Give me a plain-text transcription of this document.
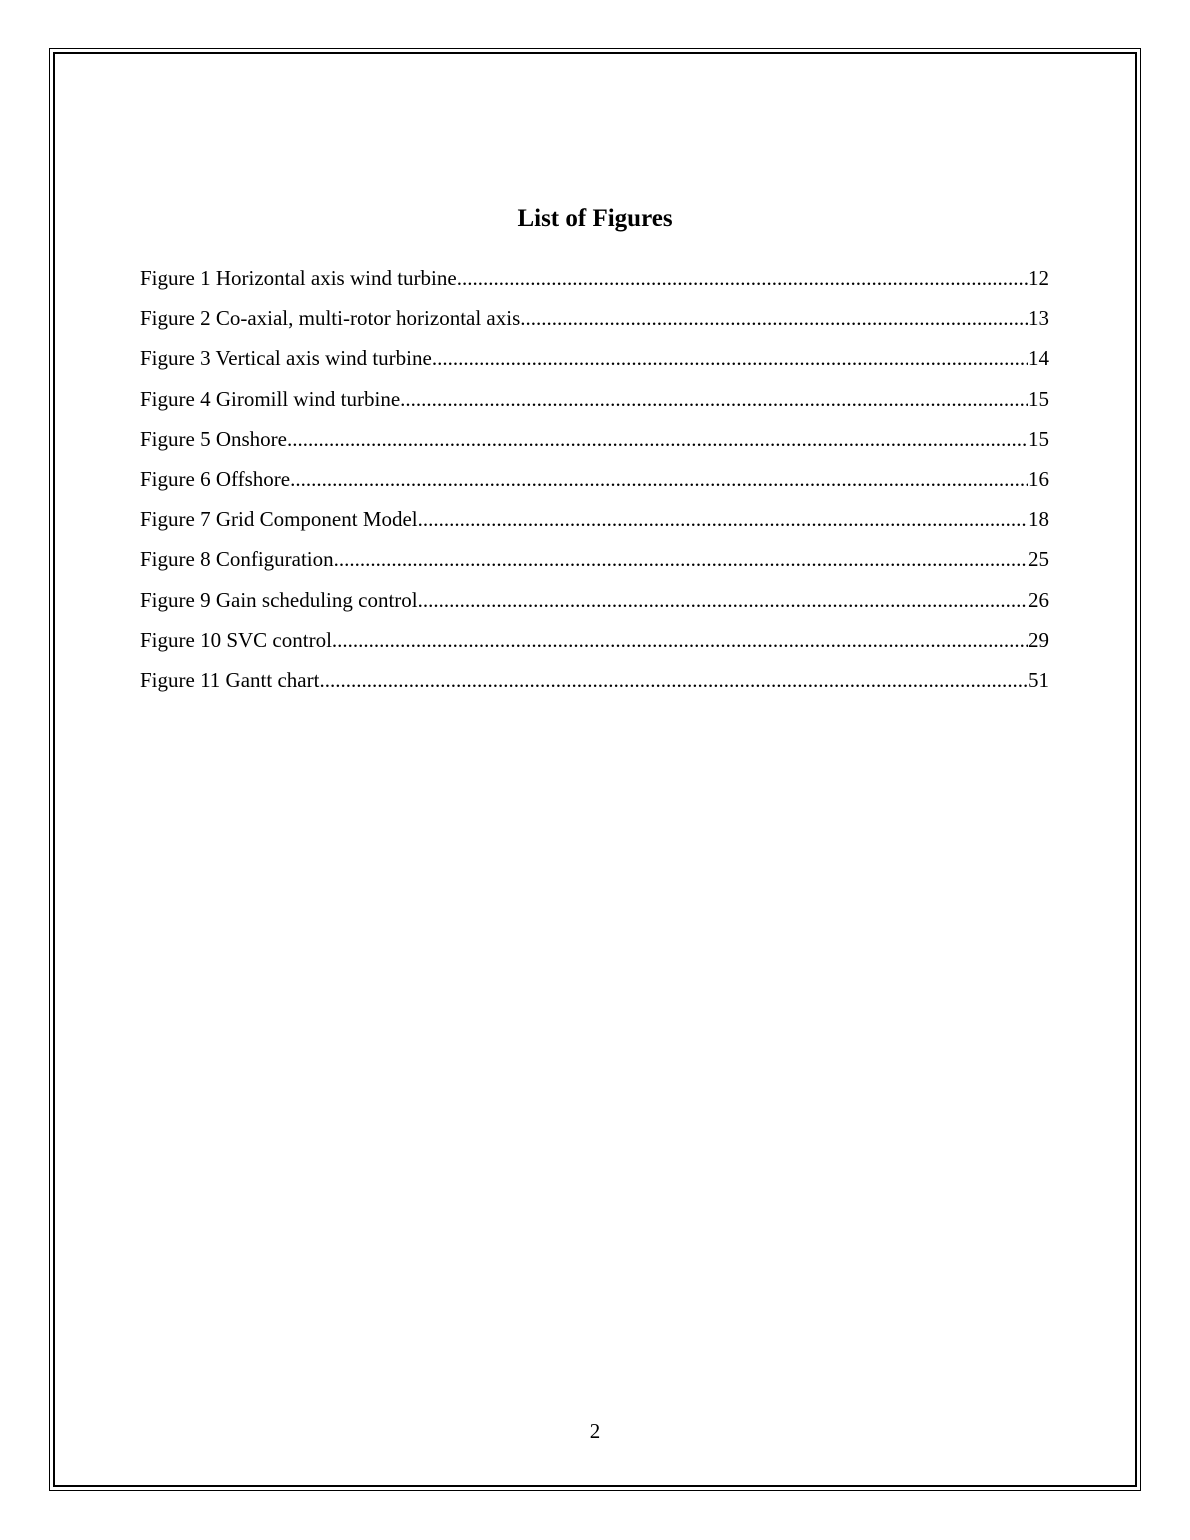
List of Figures
Figure 1 Horizontal axis wind turbine .....	12
Figure 2 Co-axial, multi-rotor horizontal axis .....	13
Figure 3 Vertical axis wind turbine .....	14
Figure 4 Giromill wind turbine .....	15
Figure 5 Onshore .....	15
Figure 6 Offshore .....	16
Figure 7 Grid Component Model .....	18
Figure 8 Configuration .....	25
Figure 9 Gain scheduling control .....	26
Figure 10 SVC control .....	29
Figure 11 Gantt chart .....	51
2
